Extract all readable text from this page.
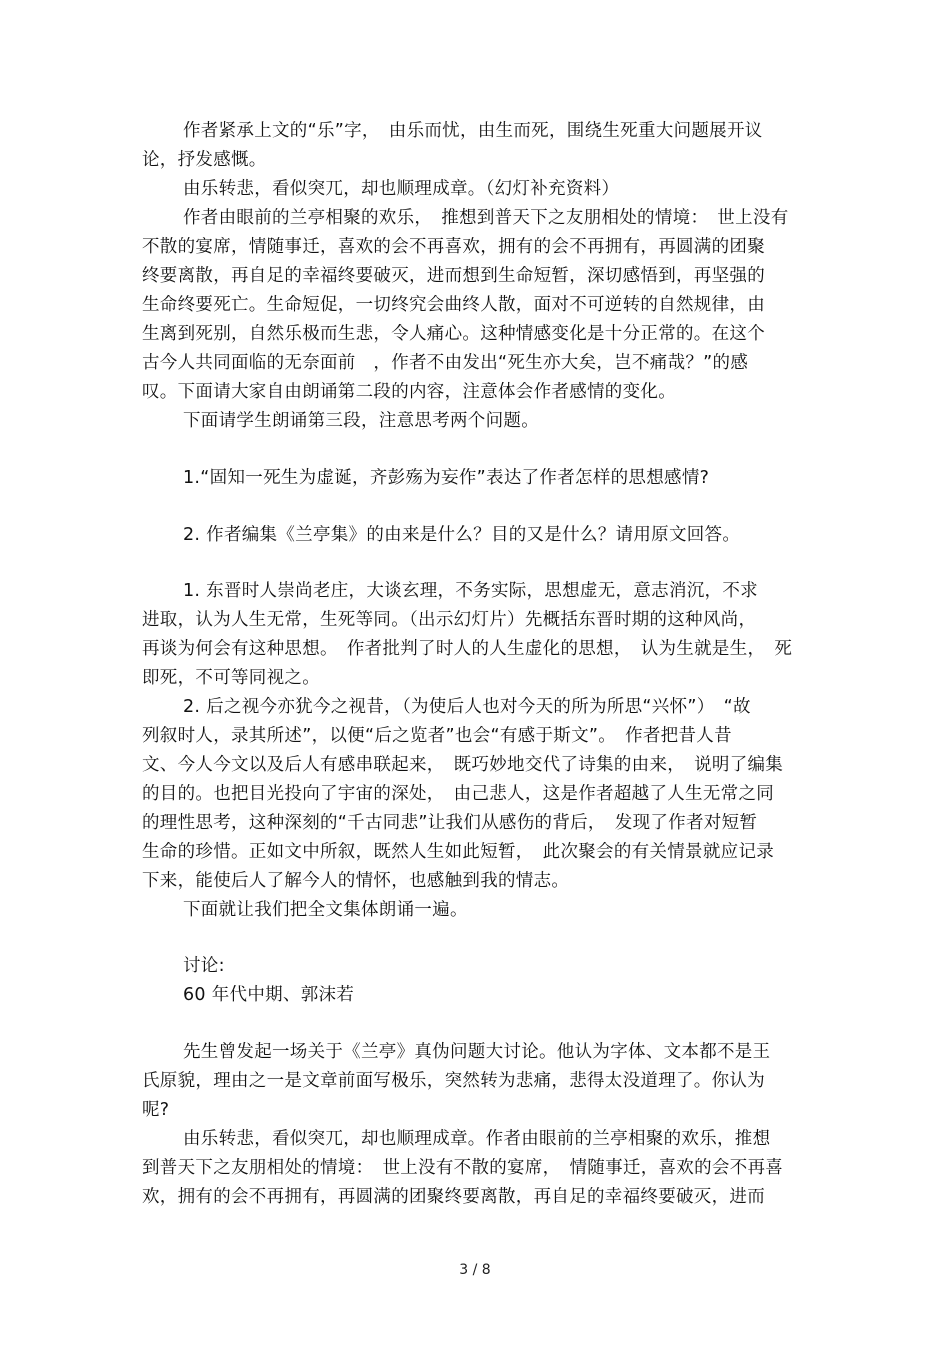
作者紧承上文的“乐”字，　由乐而忧，由生而死，围绕生死重大问题展开议
论，抒发感慨。
由乐转悲，看似突兀，却也顺理成章。（幻灯补充资料）
作者由眼前的兰亭相聚的欢乐，　推想到普天下之友朋相处的情境：　世上没有
不散的宴席，情随事迁，喜欢的会不再喜欢，拥有的会不再拥有，再圆满的团聚
终要离散，再自足的幸福终要破灭，进而想到生命短暂，深切感悟到，再坚强的
生命终要死亡。生命短促，一切终究会曲终人散，面对不可逆转的自然规律，由
生离到死别，自然乐极而生悲，令人痛心。这种情感变化是十分正常的。在这个
古今人共同面临的无奈面前　，作者不由发出“死生亦大矣，岂不痛哉？”的感
叹。下面请大家自由朗诵第二段的内容，注意体会作者感情的变化。
下面请学生朗诵第三段，注意思考两个问题。
1.“固知一死生为虚诞，齐彭殇为妄作”表达了作者怎样的思想感情?
2. 作者编集《兰亭集》的由来是什么？目的又是什么？请用原文回答。
1. 东晋时人崇尚老庄，大谈玄理，不务实际，思想虚无，意志消沉，不求
进取，认为人生无常，生死等同。（出示幻灯片）先概括东晋时期的这种风尚，
再谈为何会有这种思想。　作者批判了时人的人生虚化的思想，　认为生就是生，　死
即死，不可等同视之。
2. 后之视今亦犹今之视昔，（为使后人也对今天的所为所思“兴怀”）　“故
列叙时人，录其所述”，以便“后之览者”也会“有感于斯文”。　作者把昔人昔
文、今人今文以及后人有感串联起来，　既巧妙地交代了诗集的由来，　说明了编集
的目的。也把目光投向了宇宙的深处，　由己悲人，这是作者超越了人生无常之同
的理性思考，这种深刻的“千古同悲”让我们从感伤的背后，　发现了作者对短暂
生命的珍惜。正如文中所叙，既然人生如此短暂，　此次聚会的有关情景就应记录
下来，能使后人了解今人的情怀，也感触到我的情志。
下面就让我们把全文集体朗诵一遍。
讨论:
60 年代中期、郭沫若
先生曾发起一场关于《兰亭》真伪问题大讨论。他认为字体、文本都不是王
氏原貌，理由之一是文章前面写极乐，突然转为悲痛，悲得太没道理了。你认为
呢?
由乐转悲，看似突兀，却也顺理成章。作者由眼前的兰亭相聚的欢乐，推想
到普天下之友朋相处的情境：　世上没有不散的宴席，　情随事迁，喜欢的会不再喜
欢，拥有的会不再拥有，再圆满的团聚终要离散，再自足的幸福终要破灭，进而
3 / 8
